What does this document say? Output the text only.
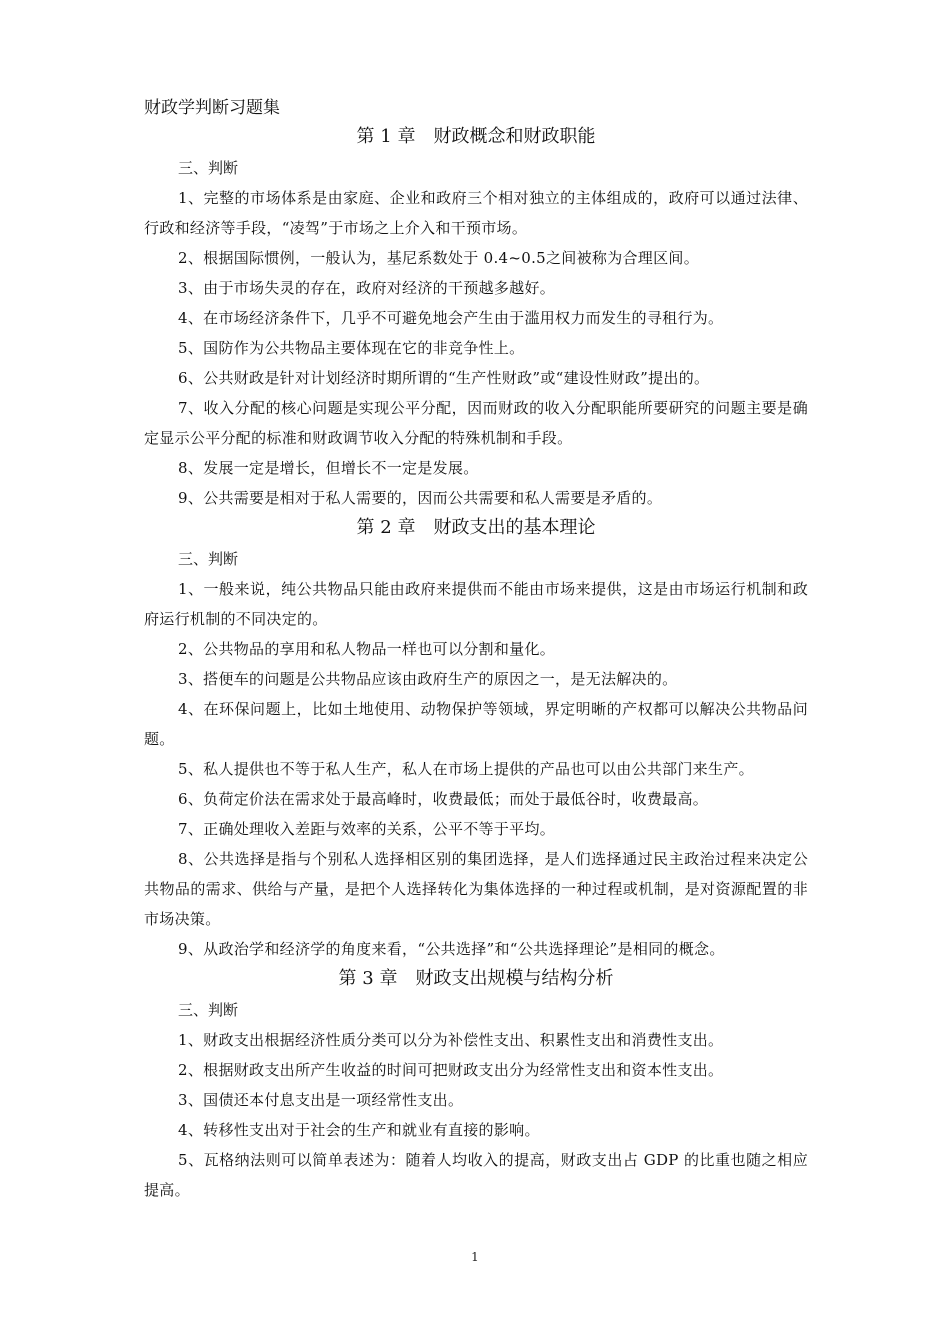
财政学判断习题集

第 1 章　财政概念和财政职能

三、判断

1、完整的市场体系是由家庭、企业和政府三个相对独立的主体组成的，政府可以通过法律、行政和经济等手段，“凌驾”于市场之上介入和干预市场。

2、根据国际惯例，一般认为，基尼系数处于 0.4~0.5之间被称为合理区间。

3、由于市场失灵的存在，政府对经济的干预越多越好。

4、在市场经济条件下，几乎不可避免地会产生由于滥用权力而发生的寻租行为。

5、国防作为公共物品主要体现在它的非竞争性上。

6、公共财政是针对计划经济时期所谓的“生产性财政”或“建设性财政”提出的。

7、收入分配的核心问题是实现公平分配，因而财政的收入分配职能所要研究的问题主要是确定显示公平分配的标准和财政调节收入分配的特殊机制和手段。

8、发展一定是增长，但增长不一定是发展。

9、公共需要是相对于私人需要的，因而公共需要和私人需要是矛盾的。

第 2 章　财政支出的基本理论

三、判断

1、一般来说，纯公共物品只能由政府来提供而不能由市场来提供，这是由市场运行机制和政府运行机制的不同决定的。

2、公共物品的享用和私人物品一样也可以分割和量化。

3、搭便车的问题是公共物品应该由政府生产的原因之一，是无法解决的。

4、在环保问题上，比如土地使用、动物保护等领域，界定明晰的产权都可以解决公共物品问题。

5、私人提供也不等于私人生产，私人在市场上提供的产品也可以由公共部门来生产。

6、负荷定价法在需求处于最高峰时，收费最低；而处于最低谷时，收费最高。

7、正确处理收入差距与效率的关系，公平不等于平均。

8、公共选择是指与个别私人选择相区别的集团选择，是人们选择通过民主政治过程来决定公共物品的需求、供给与产量，是把个人选择转化为集体选择的一种过程或机制，是对资源配置的非市场决策。

9、从政治学和经济学的角度来看，“公共选择”和“公共选择理论”是相同的概念。

第 3 章　财政支出规模与结构分析

三、判断

1、财政支出根据经济性质分类可以分为补偿性支出、积累性支出和消费性支出。

2、根据财政支出所产生收益的时间可把财政支出分为经常性支出和资本性支出。

3、国债还本付息支出是一项经常性支出。

4、转移性支出对于社会的生产和就业有直接的影响。

5、瓦格纳法则可以简单表述为：随着人均收入的提高，财政支出占 GDP 的比重也随之相应提高。

1
